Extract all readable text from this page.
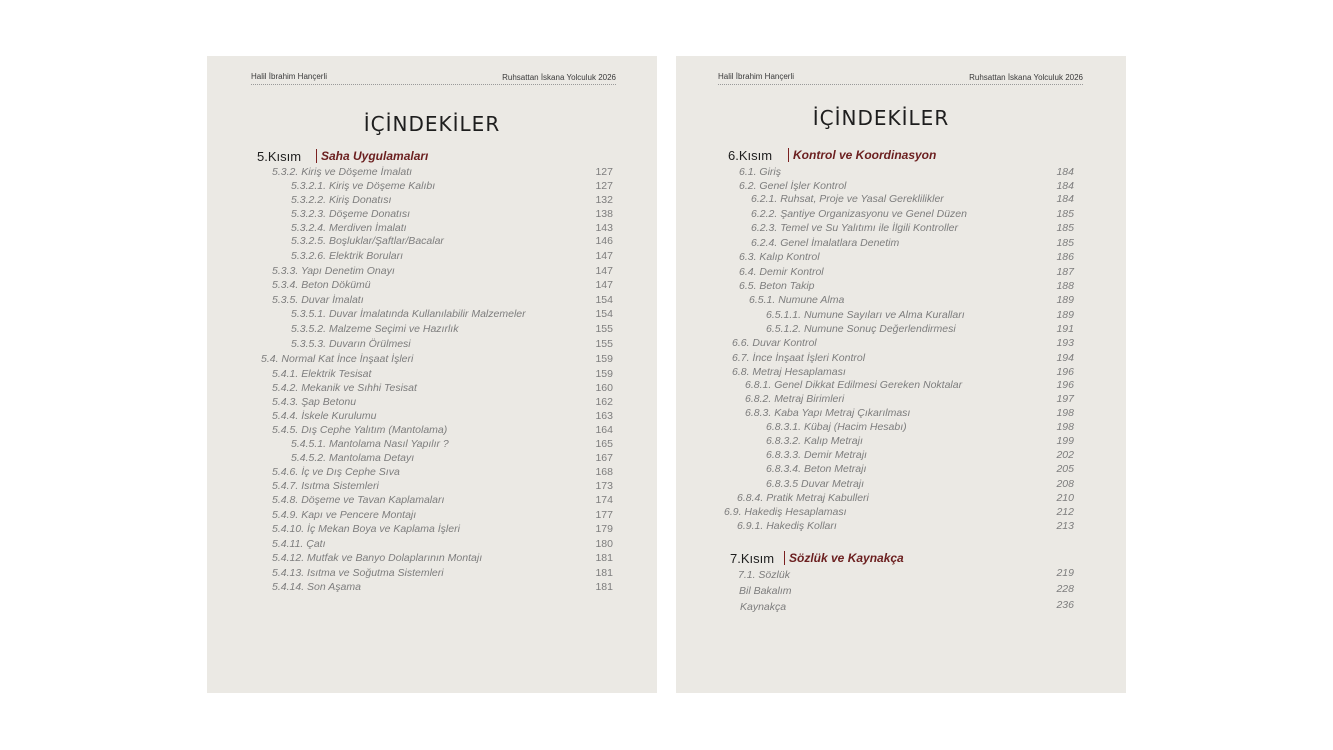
Halil İbrahim Hançerli	Ruhsattan İskana Yolculuk 2026
İÇİNDEKİLER
5.Kısım Saha Uygulamaları
5.3.2. Kiriş ve Döşeme İmalatı	127
5.3.2.1. Kiriş ve Döşeme Kalıbı	127
5.3.2.2. Kiriş Donatısı	132
5.3.2.3. Döşeme Donatısı	138
5.3.2.4. Merdiven İmalatı	143
5.3.2.5. Boşluklar/Şaftlar/Bacalar	146
5.3.2.6. Elektrik Boruları	147
5.3.3. Yapı Denetim Onayı	147
5.3.4. Beton Dökümü	147
5.3.5. Duvar İmalatı	154
5.3.5.1. Duvar İmalatında Kullanılabilir Malzemeler	154
5.3.5.2. Malzeme Seçimi ve Hazırlık	155
5.3.5.3. Duvarın Örülmesi	155
5.4. Normal Kat İnce İnşaat İşleri	159
5.4.1. Elektrik Tesisat	159
5.4.2. Mekanik ve Sıhhi Tesisat	160
5.4.3. Şap Betonu	162
5.4.4. İskele Kurulumu	163
5.4.5. Dış Cephe Yalıtım (Mantolama)	164
5.4.5.1. Mantolama Nasıl Yapılır ?	165
5.4.5.2. Mantolama Detayı	167
5.4.6. İç ve Dış Cephe Sıva	168
5.4.7. Isıtma Sistemleri	173
5.4.8. Döşeme ve Tavan Kaplamaları	174
5.4.9. Kapı ve Pencere Montajı	177
5.4.10. İç Mekan Boya ve Kaplama İşleri	179
5.4.11. Çatı	180
5.4.12. Mutfak ve Banyo Dolaplarının Montajı	181
5.4.13. Isıtma ve Soğutma Sistemleri	181
5.4.14. Son Aşama	181
Halil İbrahim Hançerli	Ruhsattan İskana Yolculuk 2026
İÇİNDEKİLER
6.Kısım Kontrol ve Koordinasyon
7.Kısım Sözlük ve Kaynakça
6.1. Giriş	184
6.2. Genel İşler Kontrol	184
6.2.1. Ruhsat, Proje ve Yasal Gereklilikler	184
6.2.2. Şantiye Organizasyonu ve Genel Düzen	185
6.2.3. Temel ve Su Yalıtımı ile İlgili Kontroller	185
6.2.4. Genel İmalatlara Denetim	185
6.3. Kalıp Kontrol	186
6.4. Demir Kontrol	187
6.5. Beton Takip	188
6.5.1. Numune Alma	189
6.5.1.1. Numune Sayıları ve Alma Kuralları	189
6.5.1.2. Numune Sonuç Değerlendirmesi	191
6.6. Duvar Kontrol	193
6.7. İnce İnşaat İşleri Kontrol	194
6.8. Metraj Hesaplaması	196
6.8.1. Genel Dikkat Edilmesi Gereken Noktalar	196
6.8.2. Metraj Birimleri	197
6.8.3. Kaba Yapı Metraj Çıkarılması	198
6.8.3.1. Kübaj (Hacim Hesabı)	198
6.8.3.2. Kalıp Metrajı	199
6.8.3.3. Demir Metrajı	202
6.8.3.4. Beton Metrajı	205
6.8.3.5 Duvar Metrajı	208
6.8.4. Pratik Metraj Kabulleri	210
6.9. Hakediş Hesaplaması	212
6.9.1. Hakediş Kolları	213
7.1. Sözlük	219
Bil Bakalım	228
Kaynakça	236
